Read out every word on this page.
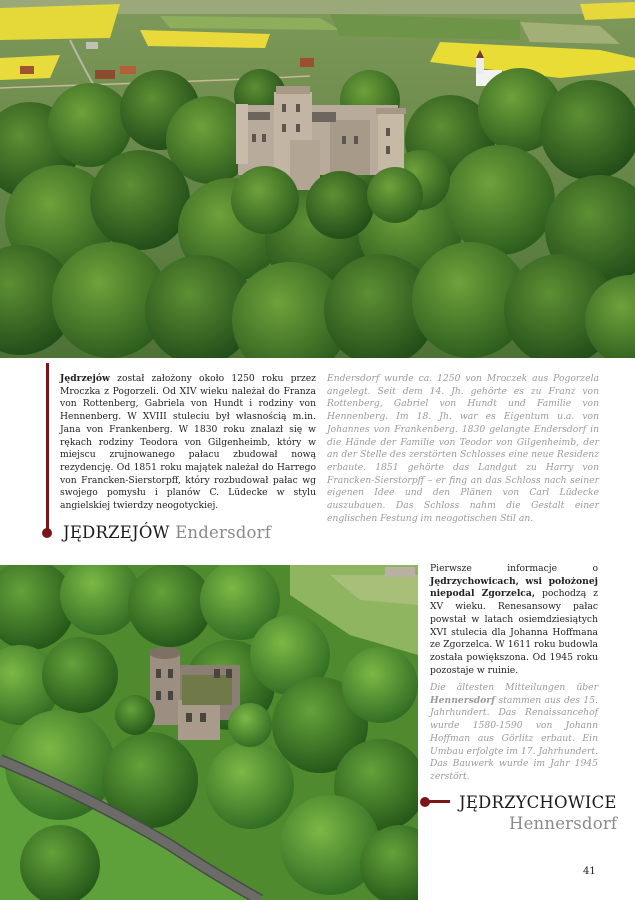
Jędrzejów został założony około 1250 roku przez Mroczka z Pogorzeli. Od XIV wieku należał do Franza von Rottenberg, Gabriela von Hundt i rodziny von Hennenberg. W XVIII stuleciu był własnością m.in. Jana von Frankenberg. W 1830 roku znalazł się w rękach rodziny Teodora von Gilgenheimb, który w miejscu zrujnowanego pałacu zbudował nową rezydencję. Od 1851 roku majątek należał do Harrego von Francken-Sierstorpff, który rozbudował pałac wg swojego pomysłu i planów C. Lüdecke w stylu angielskiej twierdzy neogotyckiej.
Endersdorf wurde ca. 1250 von Mroczek aus Pogorzela angelegt. Seit dem 14. Jh. gehörte es zu Franz von Rottenberg, Gabriel von Hundt und Familie von Hennenberg. Im 18. Jh. war es Eigentum u.a. von Johannes von Frankenberg. 1830 gelangte Endersdorf in die Hände der Familie von Teodor von Gilgenheimb, der an der Stelle des zerstörten Schlosses eine neue Residenz erbaute. 1851 gehörte das Landgut zu Harry von Francken-Sierstorpff – er fing an das Schloss nach seiner eigenen Idee und den Plänen von Carl Lüdecke auszubauen. Das Schloss nahm die Gestalt einer englischen Festung im neogotischen Stil an.
JĘDRZEJÓW Endersdorf
Pierwsze informacje o Jędrzychowicach, wsi położonej niepodal Zgorzelca, pochodzą z XV wieku. Renesansowy pałac powstał w latach osiemdziesiątych XVI stulecia dla Johanna Hoffmana ze Zgorzelca. W 1611 roku budowla została powiększona. Od 1945 roku pozostaje w ruinie.
Die ältesten Mitteilungen über Hennersdorf stammen aus des 15. Jahrhundert. Das Renaissancehof wurde 1580-1590 von Johann Hoffman aus Görlitz erbaut. Ein Umbau erfolgte im 17. Jahrhundert. Das Bauwerk wurde im Jahr 1945 zerstört.
JĘDRZYCHOWICE
Hennersdorf
41
